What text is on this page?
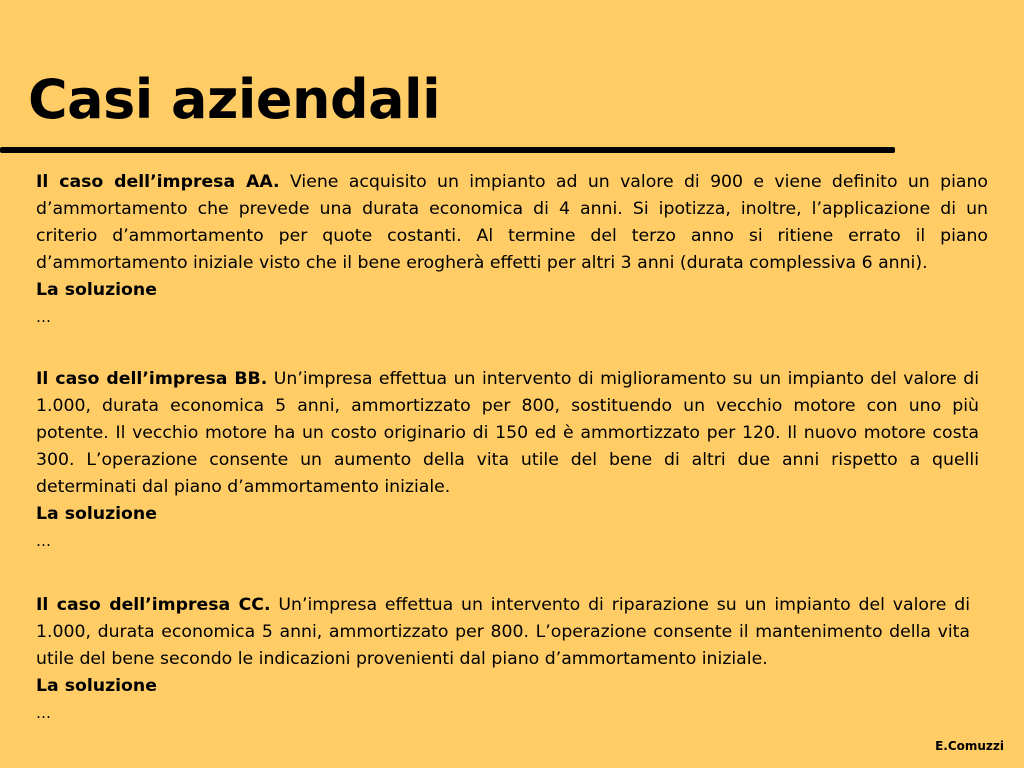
Casi aziendali

Il caso dell’impresa AA. Viene acquisito un impianto ad un valore di 900 e viene definito un piano d’ammortamento che prevede una durata economica di 4 anni. Si ipotizza, inoltre, l’applicazione di un criterio d’ammortamento per quote costanti. Al termine del terzo anno si ritiene errato il piano d’ammortamento iniziale visto che il bene erogherà effetti per altri 3 anni (durata complessiva 6 anni).

La soluzione
…

Il caso dell’impresa BB. Un’impresa effettua un intervento di miglioramento su un impianto del valore di 1.000, durata economica 5 anni, ammortizzato per 800, sostituendo un vecchio motore con uno più potente. Il vecchio motore ha un costo originario di 150 ed è ammortizzato per 120. Il nuovo motore costa 300. L’operazione consente un aumento della vita utile del bene di altri due anni rispetto a quelli determinati dal piano d’ammortamento iniziale.

La soluzione
…

Il caso dell’impresa CC. Un’impresa effettua un intervento di riparazione su un impianto del valore di 1.000, durata economica 5 anni, ammortizzato per 800. L’operazione consente il mantenimento della vita utile del bene secondo le indicazioni provenienti dal piano d’ammortamento iniziale.

La soluzione
…
E.Comuzzi
